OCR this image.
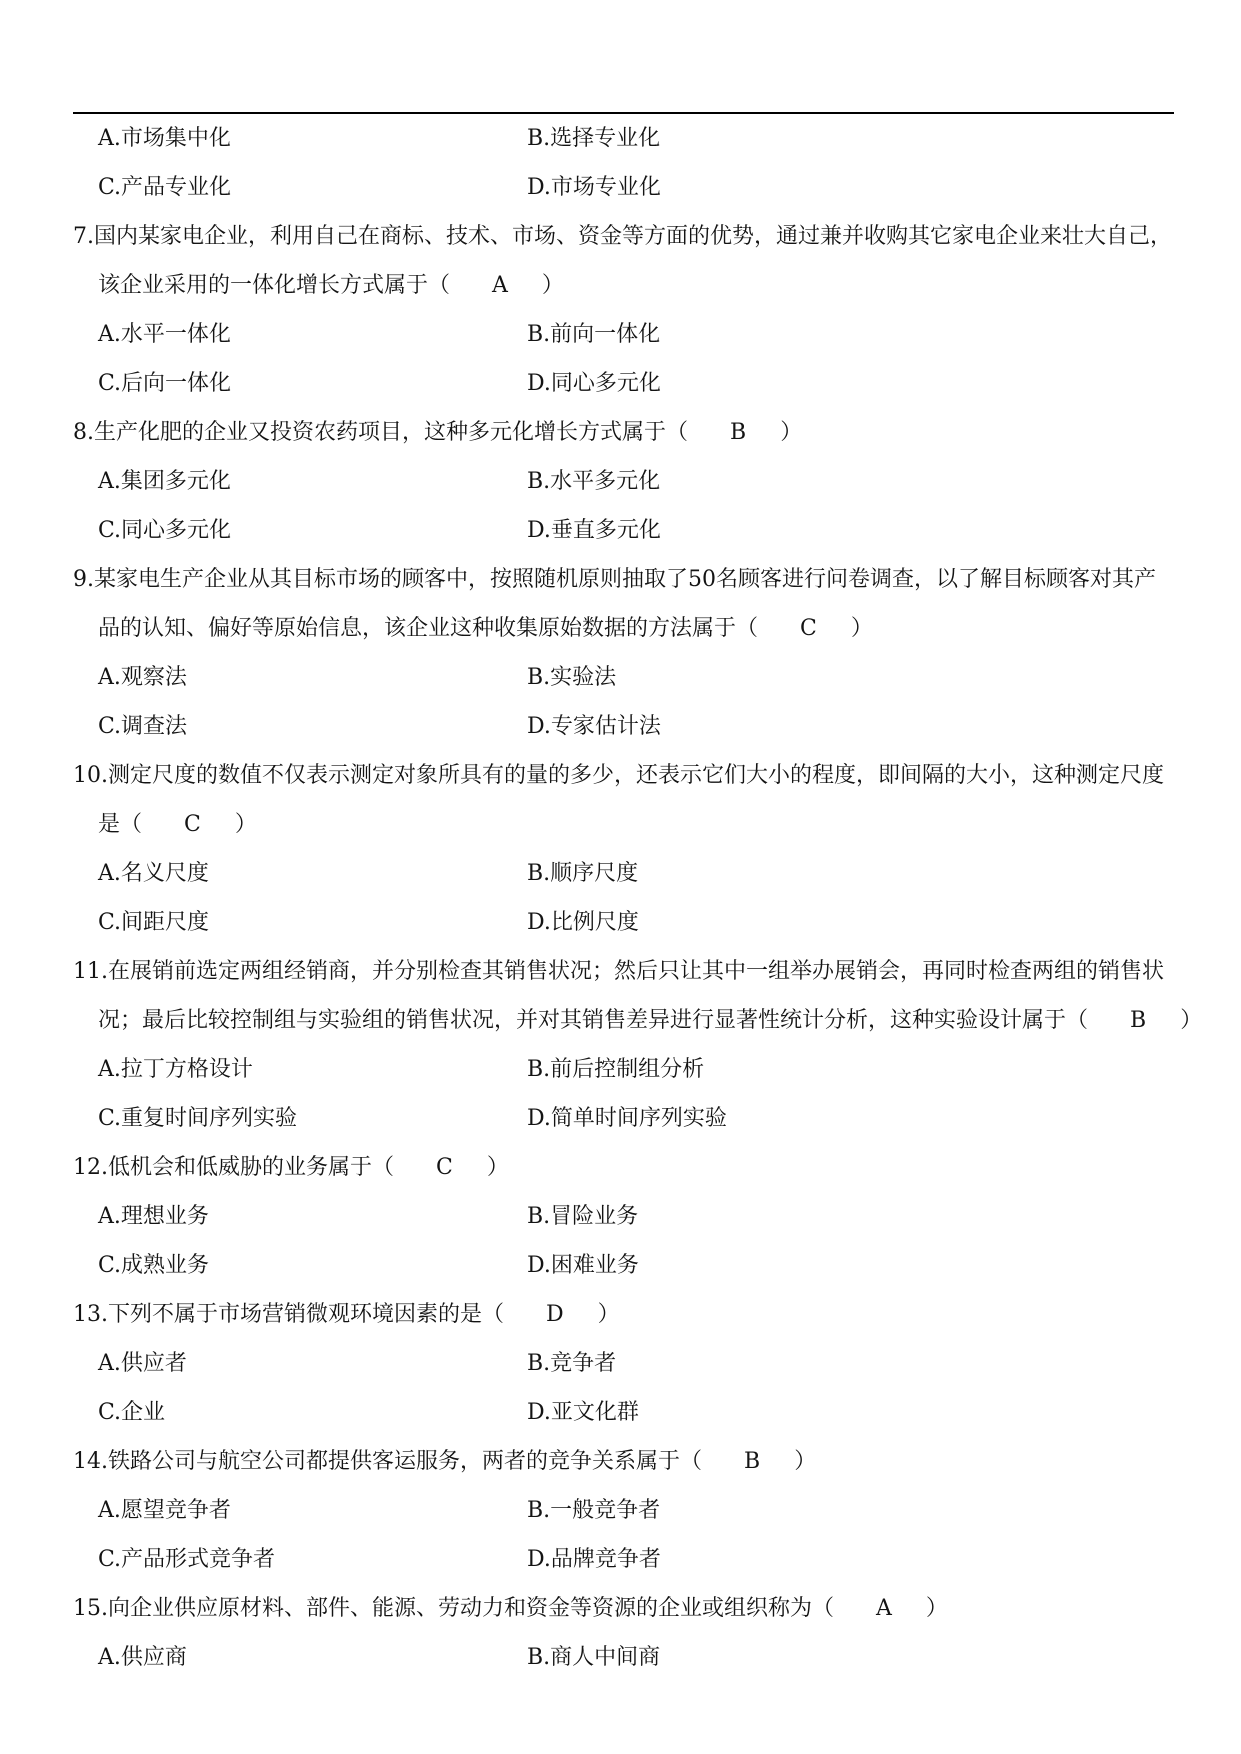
A.市场集中化	B.选择专业化
C.产品专业化	D.市场专业化
7.国内某家电企业，利用自己在商标、技术、市场、资金等方面的优势，通过兼并收购其它家电企业来壮大自己，
该企业采用的一体化增长方式属于（ A ）
A.水平一体化	B.前向一体化
C.后向一体化	D.同心多元化
8.生产化肥的企业又投资农药项目，这种多元化增长方式属于（ B ）
A.集团多元化	B.水平多元化
C.同心多元化	D.垂直多元化
9.某家电生产企业从其目标市场的顾客中，按照随机原则抽取了50名顾客进行问卷调查，以了解目标顾客对其产
品的认知、偏好等原始信息，该企业这种收集原始数据的方法属于（ C ）
A.观察法	B.实验法
C.调查法	D.专家估计法
10.测定尺度的数值不仅表示测定对象所具有的量的多少，还表示它们大小的程度，即间隔的大小，这种测定尺度
是（ C ）
A.名义尺度	B.顺序尺度
C.间距尺度	D.比例尺度
11.在展销前选定两组经销商，并分别检查其销售状况；然后只让其中一组举办展销会，再同时检查两组的销售状
况；最后比较控制组与实验组的销售状况，并对其销售差异进行显著性统计分析，这种实验设计属于（ B ）
A.拉丁方格设计	B.前后控制组分析
C.重复时间序列实验	D.简单时间序列实验
12.低机会和低威胁的业务属于（ C ）
A.理想业务	B.冒险业务
C.成熟业务	D.困难业务
13.下列不属于市场营销微观环境因素的是（ D ）
A.供应者	B.竞争者
C.企业	D.亚文化群
14.铁路公司与航空公司都提供客运服务，两者的竞争关系属于（ B ）
A.愿望竞争者	B.一般竞争者
C.产品形式竞争者	D.品牌竞争者
15.向企业供应原材料、部件、能源、劳动力和资金等资源的企业或组织称为（ A ）
A.供应商	B.商人中间商
